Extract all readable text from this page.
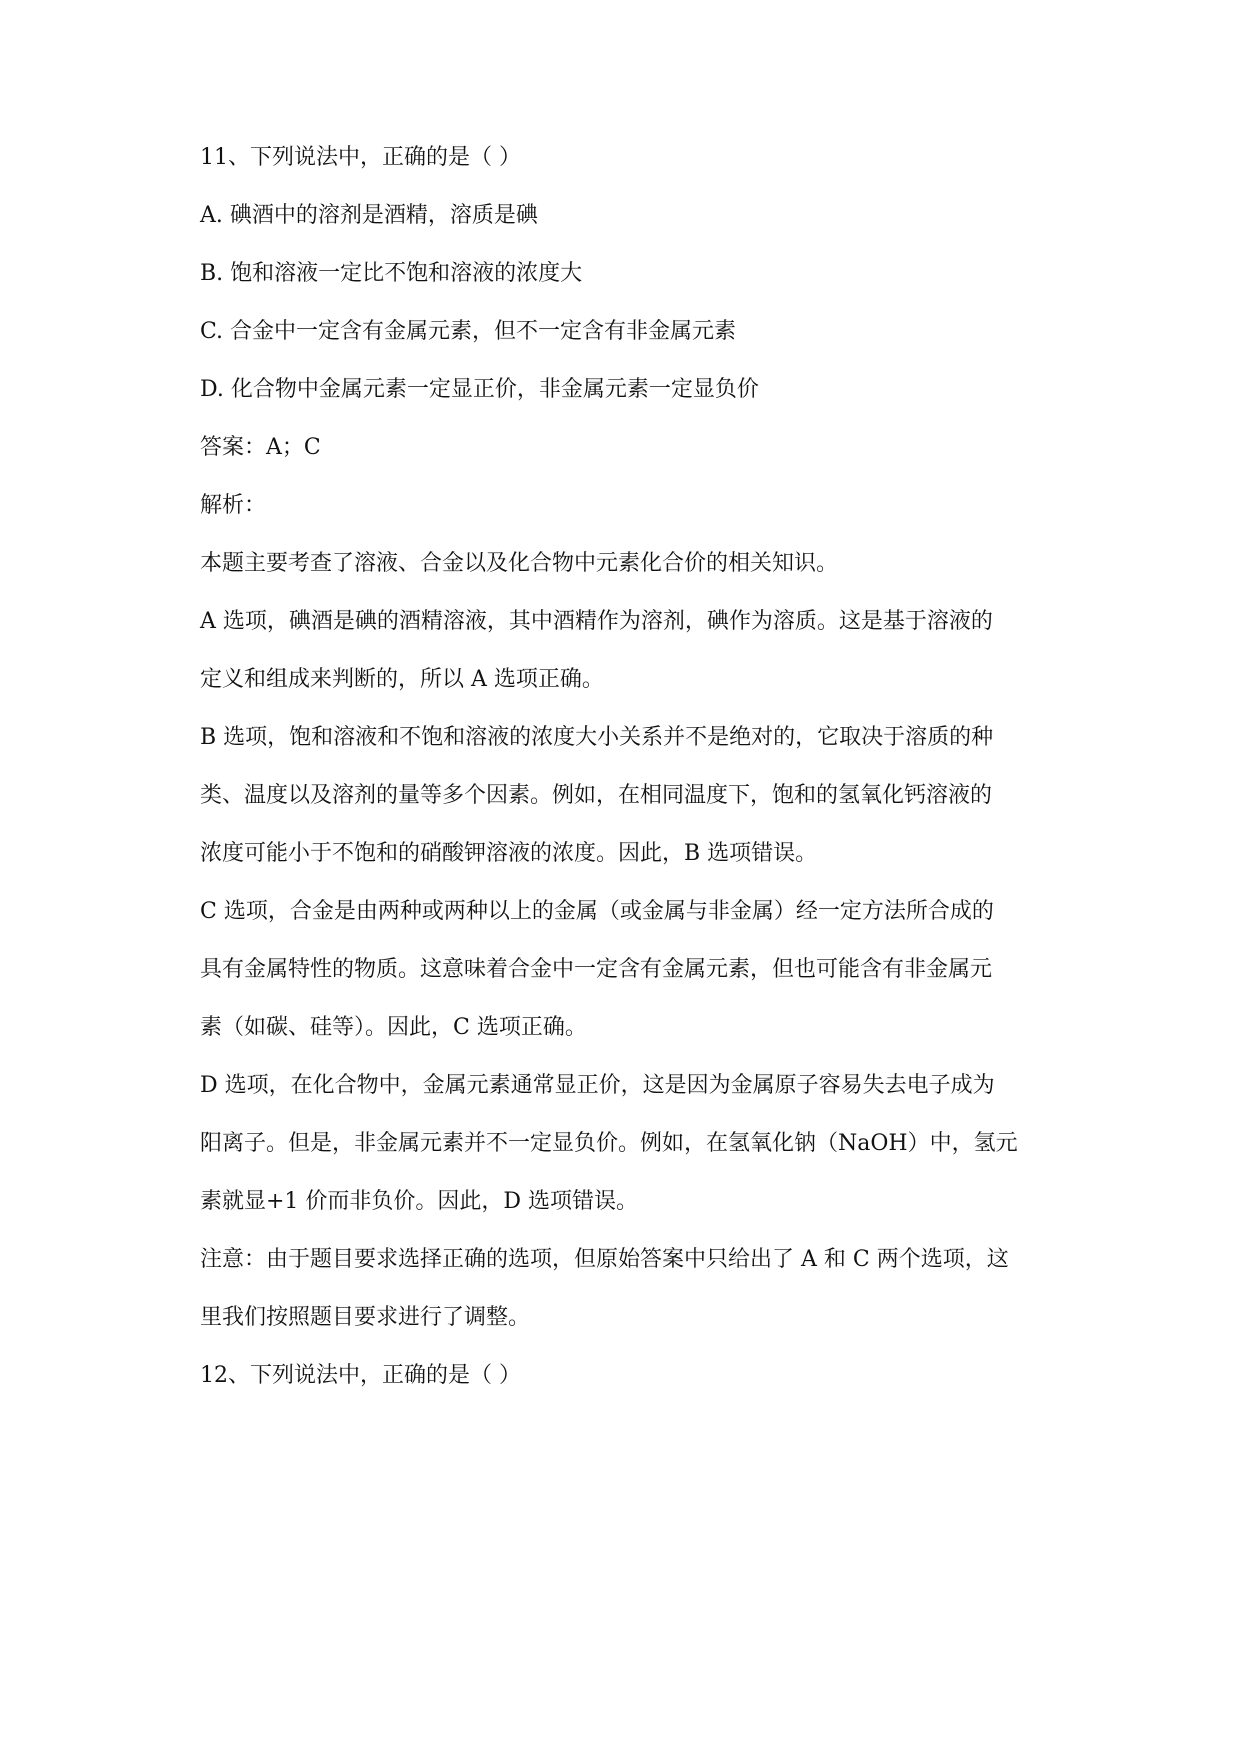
11、下列说法中，正确的是（ ）

A. 碘酒中的溶剂是酒精，溶质是碘

B. 饱和溶液一定比不饱和溶液的浓度大

C. 合金中一定含有金属元素，但不一定含有非金属元素

D. 化合物中金属元素一定显正价，非金属元素一定显负价

答案：A；C

解析：

本题主要考查了溶液、合金以及化合物中元素化合价的相关知识。

A 选项，碘酒是碘的酒精溶液，其中酒精作为溶剂，碘作为溶质。这是基于溶液的
定义和组成来判断的，所以 A 选项正确。
B 选项，饱和溶液和不饱和溶液的浓度大小关系并不是绝对的，它取决于溶质的种
类、温度以及溶剂的量等多个因素。例如，在相同温度下，饱和的氢氧化钙溶液的
浓度可能小于不饱和的硝酸钾溶液的浓度。因此，B 选项错误。
C 选项，合金是由两种或两种以上的金属（或金属与非金属）经一定方法所合成的
具有金属特性的物质。这意味着合金中一定含有金属元素，但也可能含有非金属元
素（如碳、硅等）。因此，C 选项正确。
D 选项，在化合物中，金属元素通常显正价，这是因为金属原子容易失去电子成为
阳离子。但是，非金属元素并不一定显负价。例如，在氢氧化钠（NaOH）中，氢元
素就显+1 价而非负价。因此，D 选项错误。
注意：由于题目要求选择正确的选项，但原始答案中只给出了 A 和 C 两个选项，这
里我们按照题目要求进行了调整。

12、下列说法中，正确的是（ ）
